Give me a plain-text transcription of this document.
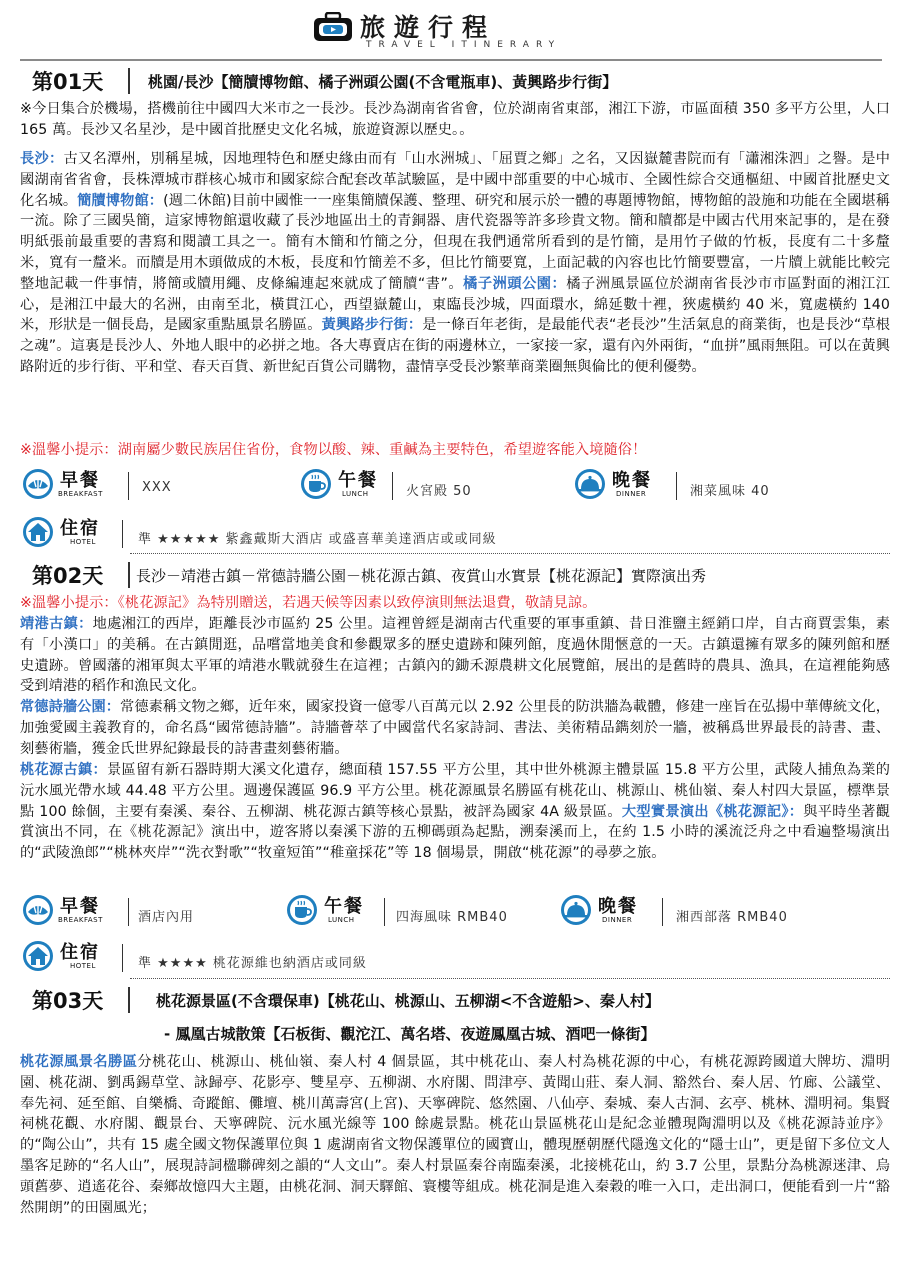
旅遊行程
TRAVEL ITINERARY
第01天	桃園/長沙【簡牘博物館、橘子洲頭公園(不含電瓶車)、黃興路步行街】
※今日集合於機場，搭機前往中國四大米市之一長沙。長沙為湖南省省會，位於湖南省東部，湘江下游，市區面積 350 多平方公里，人口 165 萬。長沙又名星沙，是中國首批歷史文化名城，旅遊資源以歷史。。
長沙：古又名潭州，別稱星城，因地理特色和歷史緣由而有「山水洲城」、「屈賈之鄉」之名，又因嶽麓書院而有「瀟湘洙泗」之譽。是中國湖南省省會，長株潭城市群核心城市和國家綜合配套改革試驗區，是中國中部重要的中心城市、全國性綜合交通樞紐、中國首批歷史文化名城。簡牘博物館：(週二休館)目前中國惟一一座集簡牘保護、整理、研究和展示於一體的專題博物館，博物館的設施和功能在全國堪稱一流。除了三國吳簡，這家博物館還收藏了長沙地區出土的青銅器、唐代瓷器等許多珍貴文物。簡和牘都是中國古代用來記事的，是在發明紙張前最重要的書寫和閱讀工具之一。簡有木簡和竹簡之分，但現在我們通常所看到的是竹簡，是用竹子做的竹板，長度有二十多釐米，寬有一釐米。而牘是用木頭做成的木板，長度和竹簡差不多，但比竹簡要寬，上面記載的內容也比竹簡要豐富，一片牘上就能比較完整地記載一件事情，將簡或牘用繩、皮條編連起來就成了簡牘“書”。橘子洲頭公園：橘子洲風景區位於湖南省長沙市市區對面的湘江江心，是湘江中最大的名洲，由南至北，橫貫江心，西望嶽麓山，東臨長沙城，四面環水，綿延數十裡，狹處橫約 40 米，寬處橫約 140 米，形狀是一個長島，是國家重點風景名勝區。黃興路步行街：是一條百年老街，是最能代表“老長沙”生活氣息的商業街，也是長沙“草根之魂”。這裏是長沙人、外地人眼中的必拼之地。各大專賣店在街的兩邊林立，一家接一家，還有內外兩街，“血拼”風雨無阻。可以在黃興路附近的步行街、平和堂、春天百貨、新世紀百貨公司購物，盡情享受長沙繁華商業圈無與倫比的便利優勢。
※溫馨小提示：湖南屬少數民族居住省份，食物以酸、辣、重鹹為主要特色，希望遊客能入境隨俗！
早餐
BREAKFAST	XXX	午餐
LUNCH	火宮殿 50
晚餐
DINNER	湘菜風味 40
住宿
HOTEL	準 ★★★★★ 紫鑫戴斯大酒店 或盛喜華美達酒店或或同級
第02天 長沙－靖港古鎮－常德詩牆公園－桃花源古鎮、夜賞山水實景【桃花源記】實際演出秀
※溫馨小提示：《桃花源記》為特別贈送，若遇天候等因素以致停演則無法退費，敬請見諒。
靖港古鎮：地處湘江的西岸，距離長沙市區約 25 公里。這裡曾經是湖南古代重要的軍事重鎮、昔日淮鹽主經銷口岸，自古商賈雲集，素有「小漢口」的美稱。在古鎮閒逛，品嚐當地美食和參觀眾多的歷史遺跡和陳列館，度過休閒愜意的一天。古鎮還擁有眾多的陳列館和歷史遺跡。曾國藩的湘軍與太平軍的靖港水戰就發生在這裡；古鎮內的鋤禾源農耕文化展覽館，展出的是舊時的農具、漁具，在這裡能夠感受到靖港的稻作和漁民文化。
常德詩牆公園：常德素稱文物之鄉，近年來，國家投資一億零八百萬元以 2.92 公里長的防洪牆為載體，修建一座旨在弘揚中華傳統文化，加強愛國主義教育的，命名爲“國常德詩牆”。詩牆薈萃了中國當代名家詩詞、書法、美術精品鐫刻於一牆，被稱爲世界最長的詩書、畫、刻藝術牆，獲金氏世界紀錄最長的詩書畫刻藝術牆。
桃花源古鎮：景區留有新石器時期大溪文化遺存，總面積 157.55 平方公里，其中世外桃源主體景區 15.8 平方公里，武陵人捕魚為業的沅水風光帶水域 44.48 平方公里。週邊保護區 96.9 平方公里。桃花源風景名勝區有桃花山、桃源山、桃仙嶺、秦人村四大景區，標準景點 100 餘個，主要有秦溪、秦谷、五柳湖、桃花源古鎮等核心景點，被評為國家 4A 級景區。大型實景演出《桃花源記》：與平時坐著觀賞演出不同，在《桃花源記》演出中，遊客將以秦溪下游的五柳碼頭為起點，溯秦溪而上，在約 1.5 小時的溪流泛舟之中看遍整場演出的“武陵漁郎”“桃林夾岸”“洗衣對歌”“牧童短笛”“稚童採花”等 18 個場景，開啟“桃花源”的尋夢之旅。
早餐
BREAKFAST	酒店內用
午餐
LUNCH	四海風味 RMB40
晚餐
DINNER	湘西部落 RMB40
住宿
HOTEL	準 ★★★★ 桃花源維也納酒店或同級
第03天	桃花源景區(不含環保車)【桃花山、桃源山、五柳湖<不含遊船>、秦人村】
- 鳳凰古城散策【石板街、觀沱江、萬名塔、夜遊鳳凰古城、酒吧一條街】
桃花源風景名勝區分桃花山、桃源山、桃仙嶺、秦人村 4 個景區，其中桃花山、秦人村為桃花源的中心，有桃花源跨國道大牌坊、淵明園、桃花湖、劉禹錫草堂、詠歸亭、花影亭、雙星亭、五柳湖、水府閣、問津亭、黃聞山莊、秦人洞、豁然台、秦人居、竹廊、公議堂、奉先祠、延至館、自樂橋、奇蹤館、儺壇、桃川萬壽宮(上宮)、天寧碑院、悠然園、八仙亭、秦城、秦人古洞、玄亭、桃林、淵明祠。集賢祠桃花觀、水府閣、觀景台、天寧碑院、沅水風光線等 100 餘處景點。桃花山景區桃花山是紀念並體現陶淵明以及《桃花源詩並序》的“陶公山”，共有 15 處全國文物保護單位與 1 處湖南省文物保護單位的國寶山，體現歷朝歷代隱逸文化的“隱士山”，更是留下多位文人墨客足跡的“名人山”，展現詩詞楹聯碑刻之韻的“人文山”。秦人村景區秦谷南臨秦溪，北接桃花山，約 3.7 公里，景點分為桃源迷津、烏頭舊夢、逍遙花谷、秦鄉故憶四大主題，由桃花洞、洞天驛館、寰樓等組成。桃花洞是進入秦穀的唯一入口，走出洞口，便能看到一片“豁然開朗”的田園風光；
